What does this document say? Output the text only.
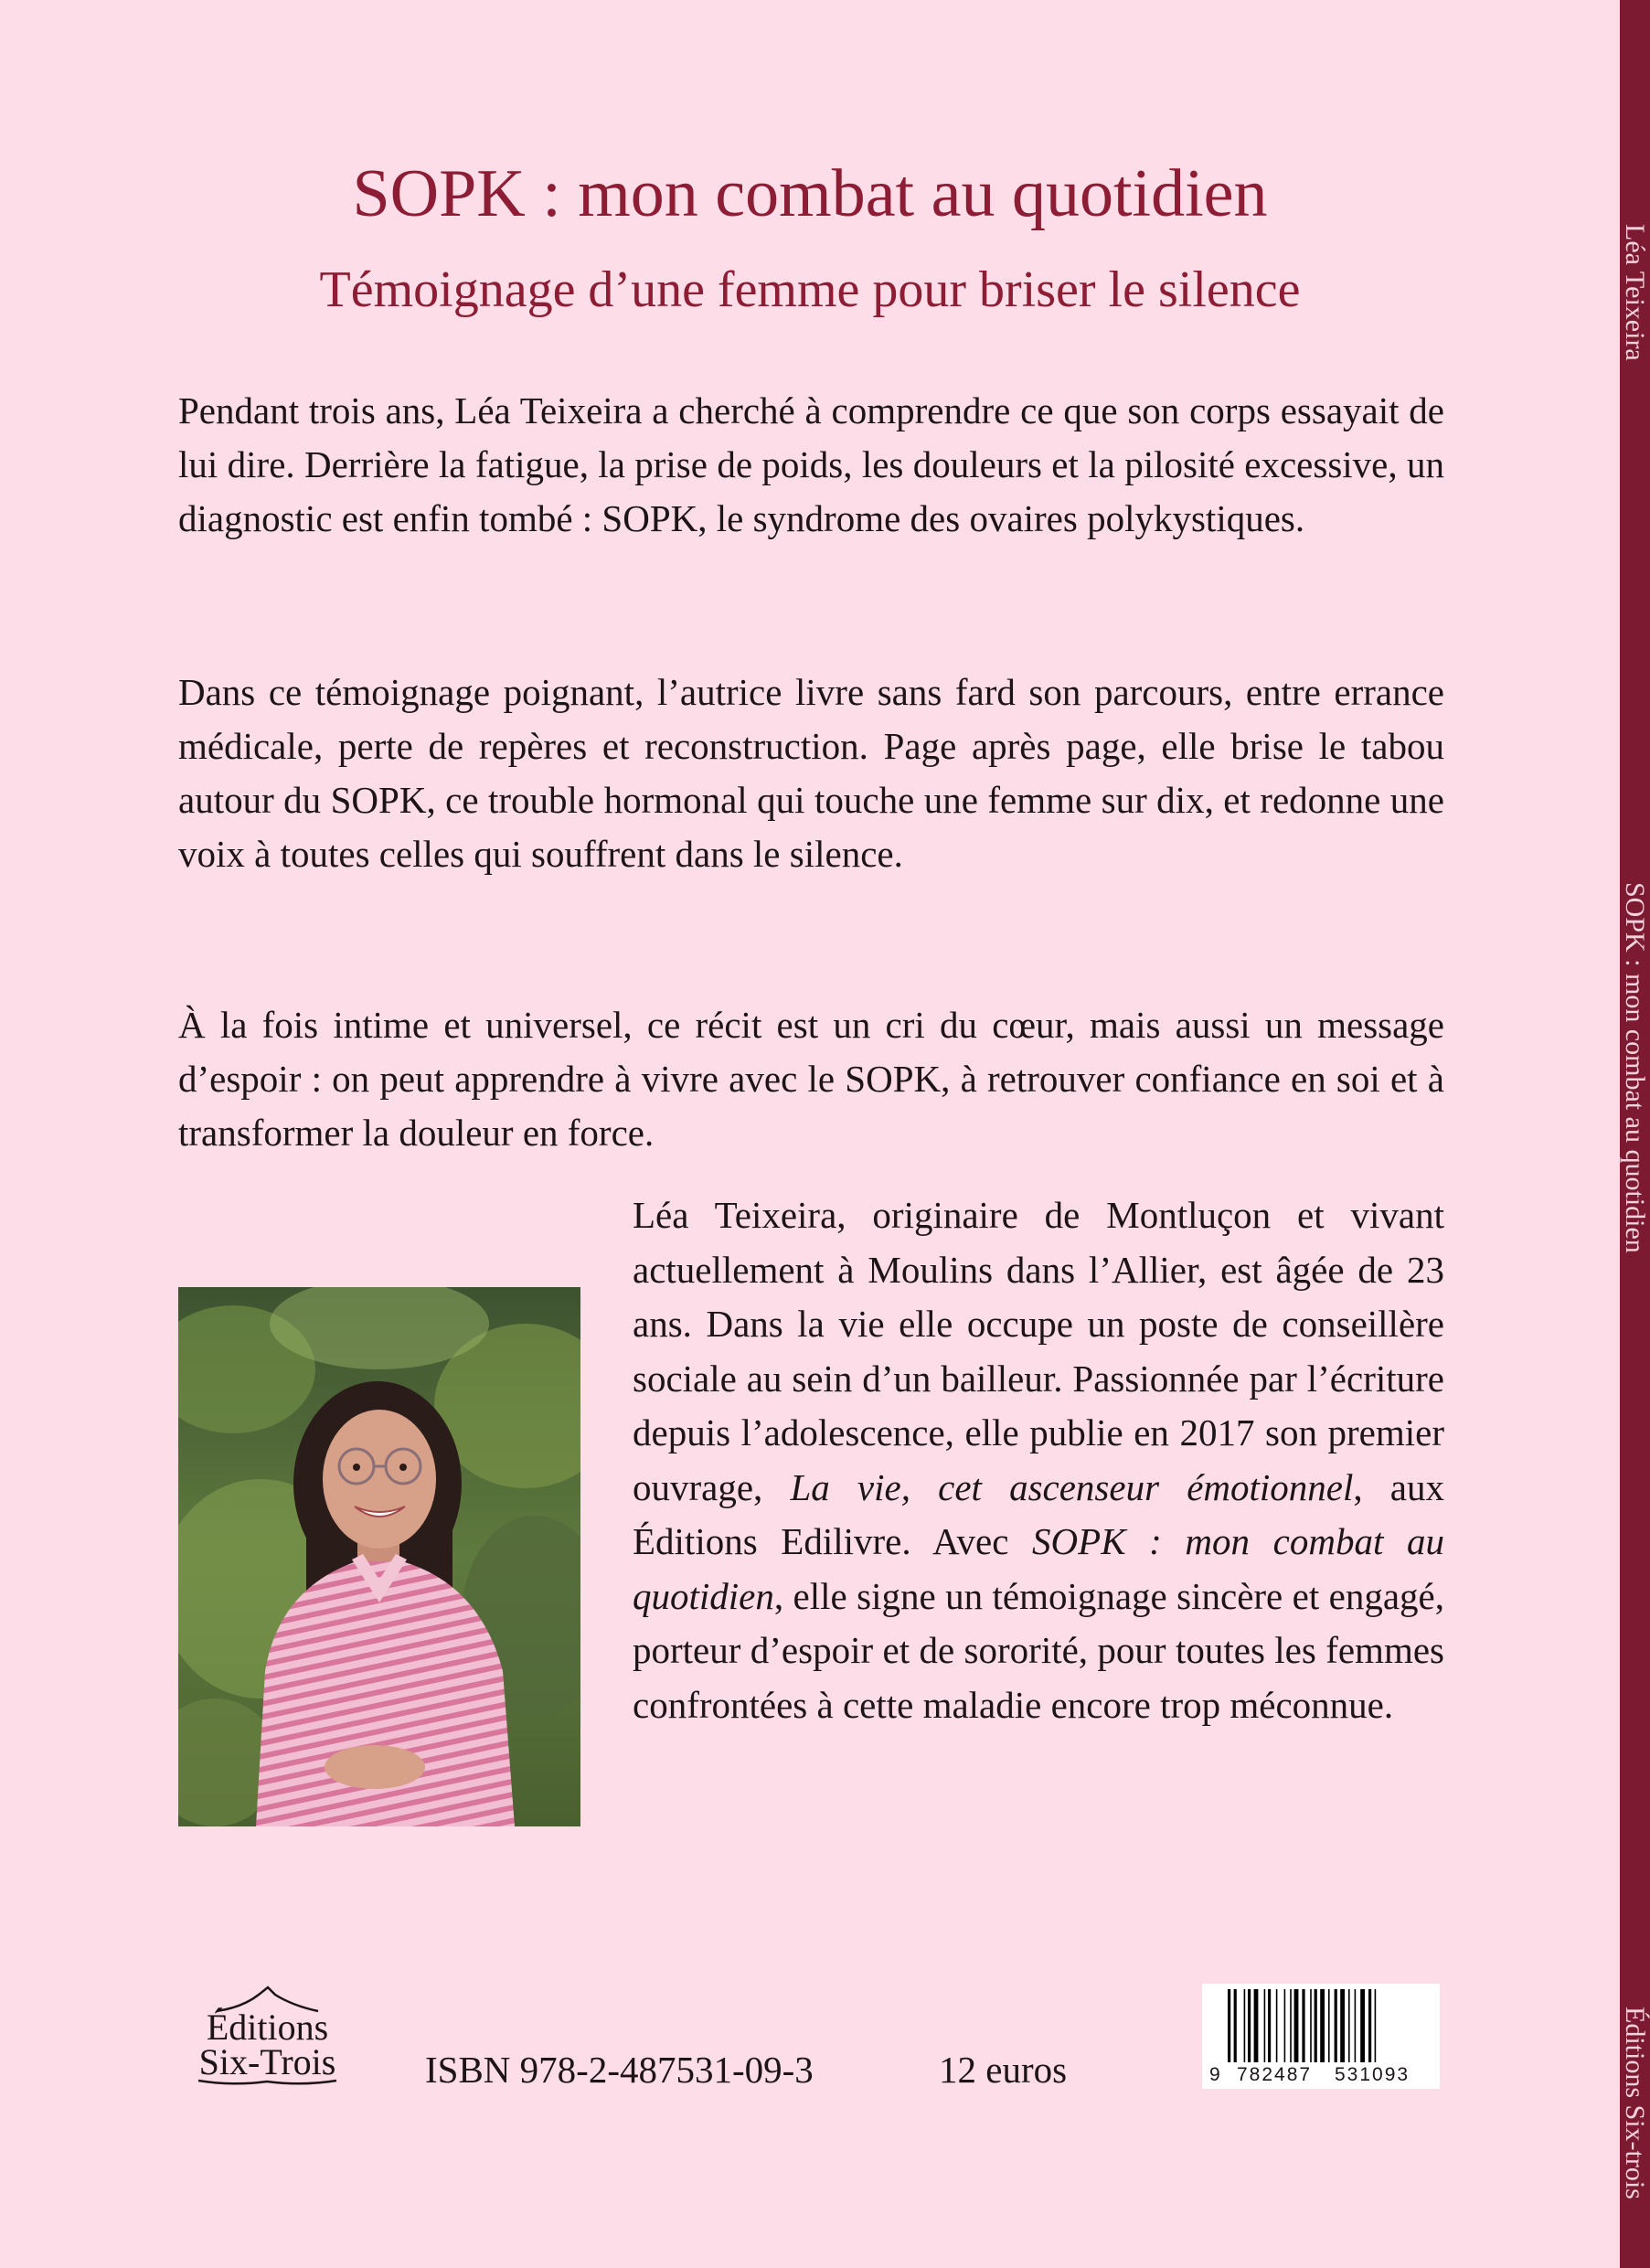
Léa Teixeira
SOPK : mon combat au quotidien
Éditions Six-trois
SOPK : mon combat au quotidien
Témoignage d’une femme pour briser le silence

Pendant trois ans, Léa Teixeira a cherché à comprendre ce que son corps essayait de lui dire. Derrière la fatigue, la prise de poids, les douleurs et la pilosité excessive, un diagnostic est enfin tombé : SOPK, le syndrome des ovaires polykystiques.

Dans ce témoignage poignant, l’autrice livre sans fard son parcours, entre errance médicale, perte de repères et reconstruction. Page après page, elle brise le tabou autour du SOPK, ce trouble hormonal qui touche une femme sur dix, et redonne une voix à toutes celles qui souffrent dans le silence.

À la fois intime et universel, ce récit est un cri du cœur, mais aussi un message d’espoir : on peut apprendre à vivre avec le SOPK, à retrouver confiance en soi et à transformer la douleur en force.

Léa Teixeira, originaire de Montluçon et vivant actuellement à Moulins dans l’Allier, est âgée de 23 ans. Dans la vie elle occupe un poste de conseillère sociale au sein d’un bailleur. Passionnée par l’écriture depuis l’adolescence, elle publie en 2017 son premier ouvrage, La vie, cet ascenseur émotionnel, aux Éditions Edilivre. Avec SOPK : mon combat au quotidien, elle signe un témoignage sincère et engagé, porteur d’espoir et de sororité, pour toutes les femmes confrontées à cette maladie encore trop méconnue.

Éditions
Six-Trois	ISBN 978-2-487531-09-3	12 euros	9 782487 531093
